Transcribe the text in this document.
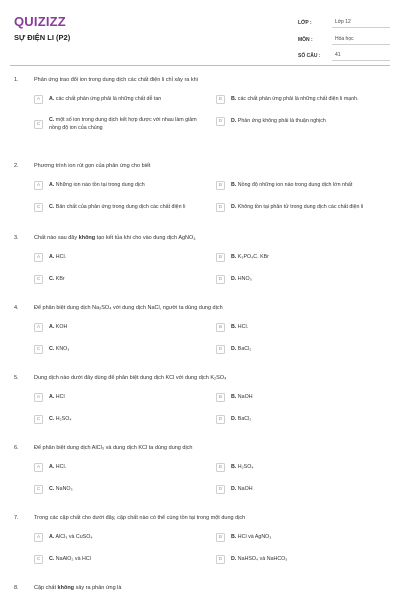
QUIZIZZ
SỰ ĐIỆN LI (P2)
LỚP :	Lớp 12
MÔN :	Hóa học
SỐ CÂU :	41
1.	Phản ứng trao đổi ion trong dung dịch các chất điện li chỉ xảy ra khi
A	A. các chất phản ứng phải là những chất dễ tan	B	B. các chất phản ứng phải là những chất điện li mạnh.
C
C. một số ion trong dung dịch kết hợp được với nhau làm giảm nồng độ ion của chúng
D	D. Phản ứng không phải là thuận nghịch
2.	Phương trình ion rút gọn của phản ứng cho biết
A	A. Những ion nào tồn tại trong dung dịch	B	B. Nồng độ những ion nào trong dung dịch lớn nhất
C	C. Bản chất của phản ứng trong dung dịch các chất điện li	D	D. Không tồn tại phân tử trong dung dịch các chất điện li
3.	Chất nào sau đây không tạo kết tủa khi cho vào dung dịch AgNO$_3$
A	A. HCl.	B	B. K₃PO₄C. KBr
C	C. KBr	D	D. HNO₃
4.	Để phân biệt dung dịch Na₂SO₄ với dung dịch NaCl, người ta dùng dung dịch
A	A. KOH	B	B. HCl.
C	C. KNO₃	D	D. BaCl₂
5.	Dung dịch nào dưới đây dùng để phân biệt dung dịch KCl với dung dịch K₂SO₄
A	A. HCl	B	B. NaOH
C	C. H₂SO₄	D	D. BaCl₂
6.	Để phân biệt dung dịch AlCl₃ và dung dịch KCl ta dùng dung dịch
A	A. HCl.	B	B. H₂SO₄
C	C. NaNO₃	D	D. NaOH
7.	Trong các cặp chất cho dưới đây, cặp chất nào có thể cùng tồn tại trong một dung dịch
A	A. AlCl₃ và CuSO₄	B	B. HCl và AgNO₃
C	C. NaAlO₂ và HCl	D	D. NaHSO₄ và NaHCO₃
8.	Cặp chất không xảy ra phản ứng là
